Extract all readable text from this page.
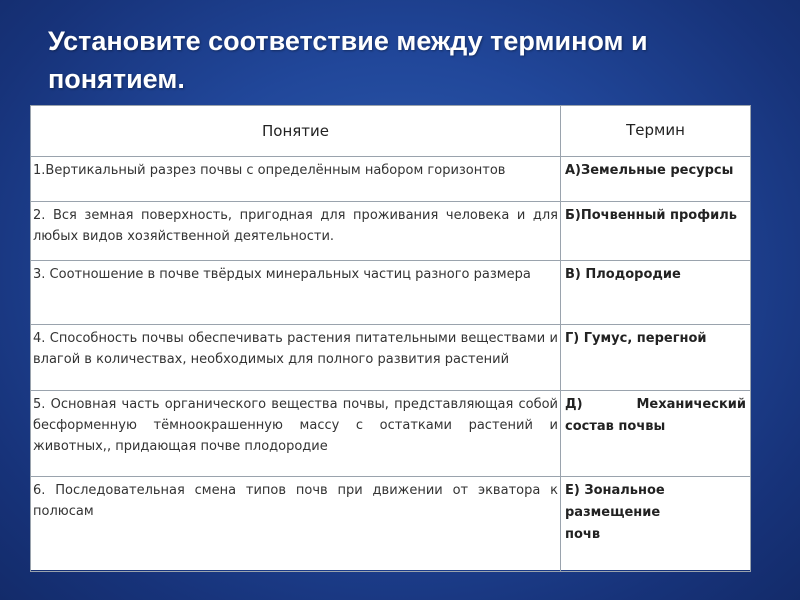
Установите соответствие между термином и понятием.
Понятие	Термин
1.Вертикальный разрез почвы с определённым набором горизонтов	А)Земельные ресурсы
2. Вся земная поверхность, пригодная для проживания человека и для любых видов хозяйственной деятельности.	Б)Почвенный профиль
3. Соотношение в почве твёрдых минеральных частиц разного размера	В) Плодородие
4. Способность почвы обеспечивать растения питательными веществами и влагой в количествах, необходимых для полного развития растений	Г) Гумус, перегной
5. Основная часть органического вещества почвы, представляющая собой бесформенную тёмноокрашенную массу с остатками растений и животных,, придающая почве плодородие	Д) Механический
состав почвы

6. Последовательная смена типов почв при движении от экватора к полюсам	Е) Зональное
размещение
почв
